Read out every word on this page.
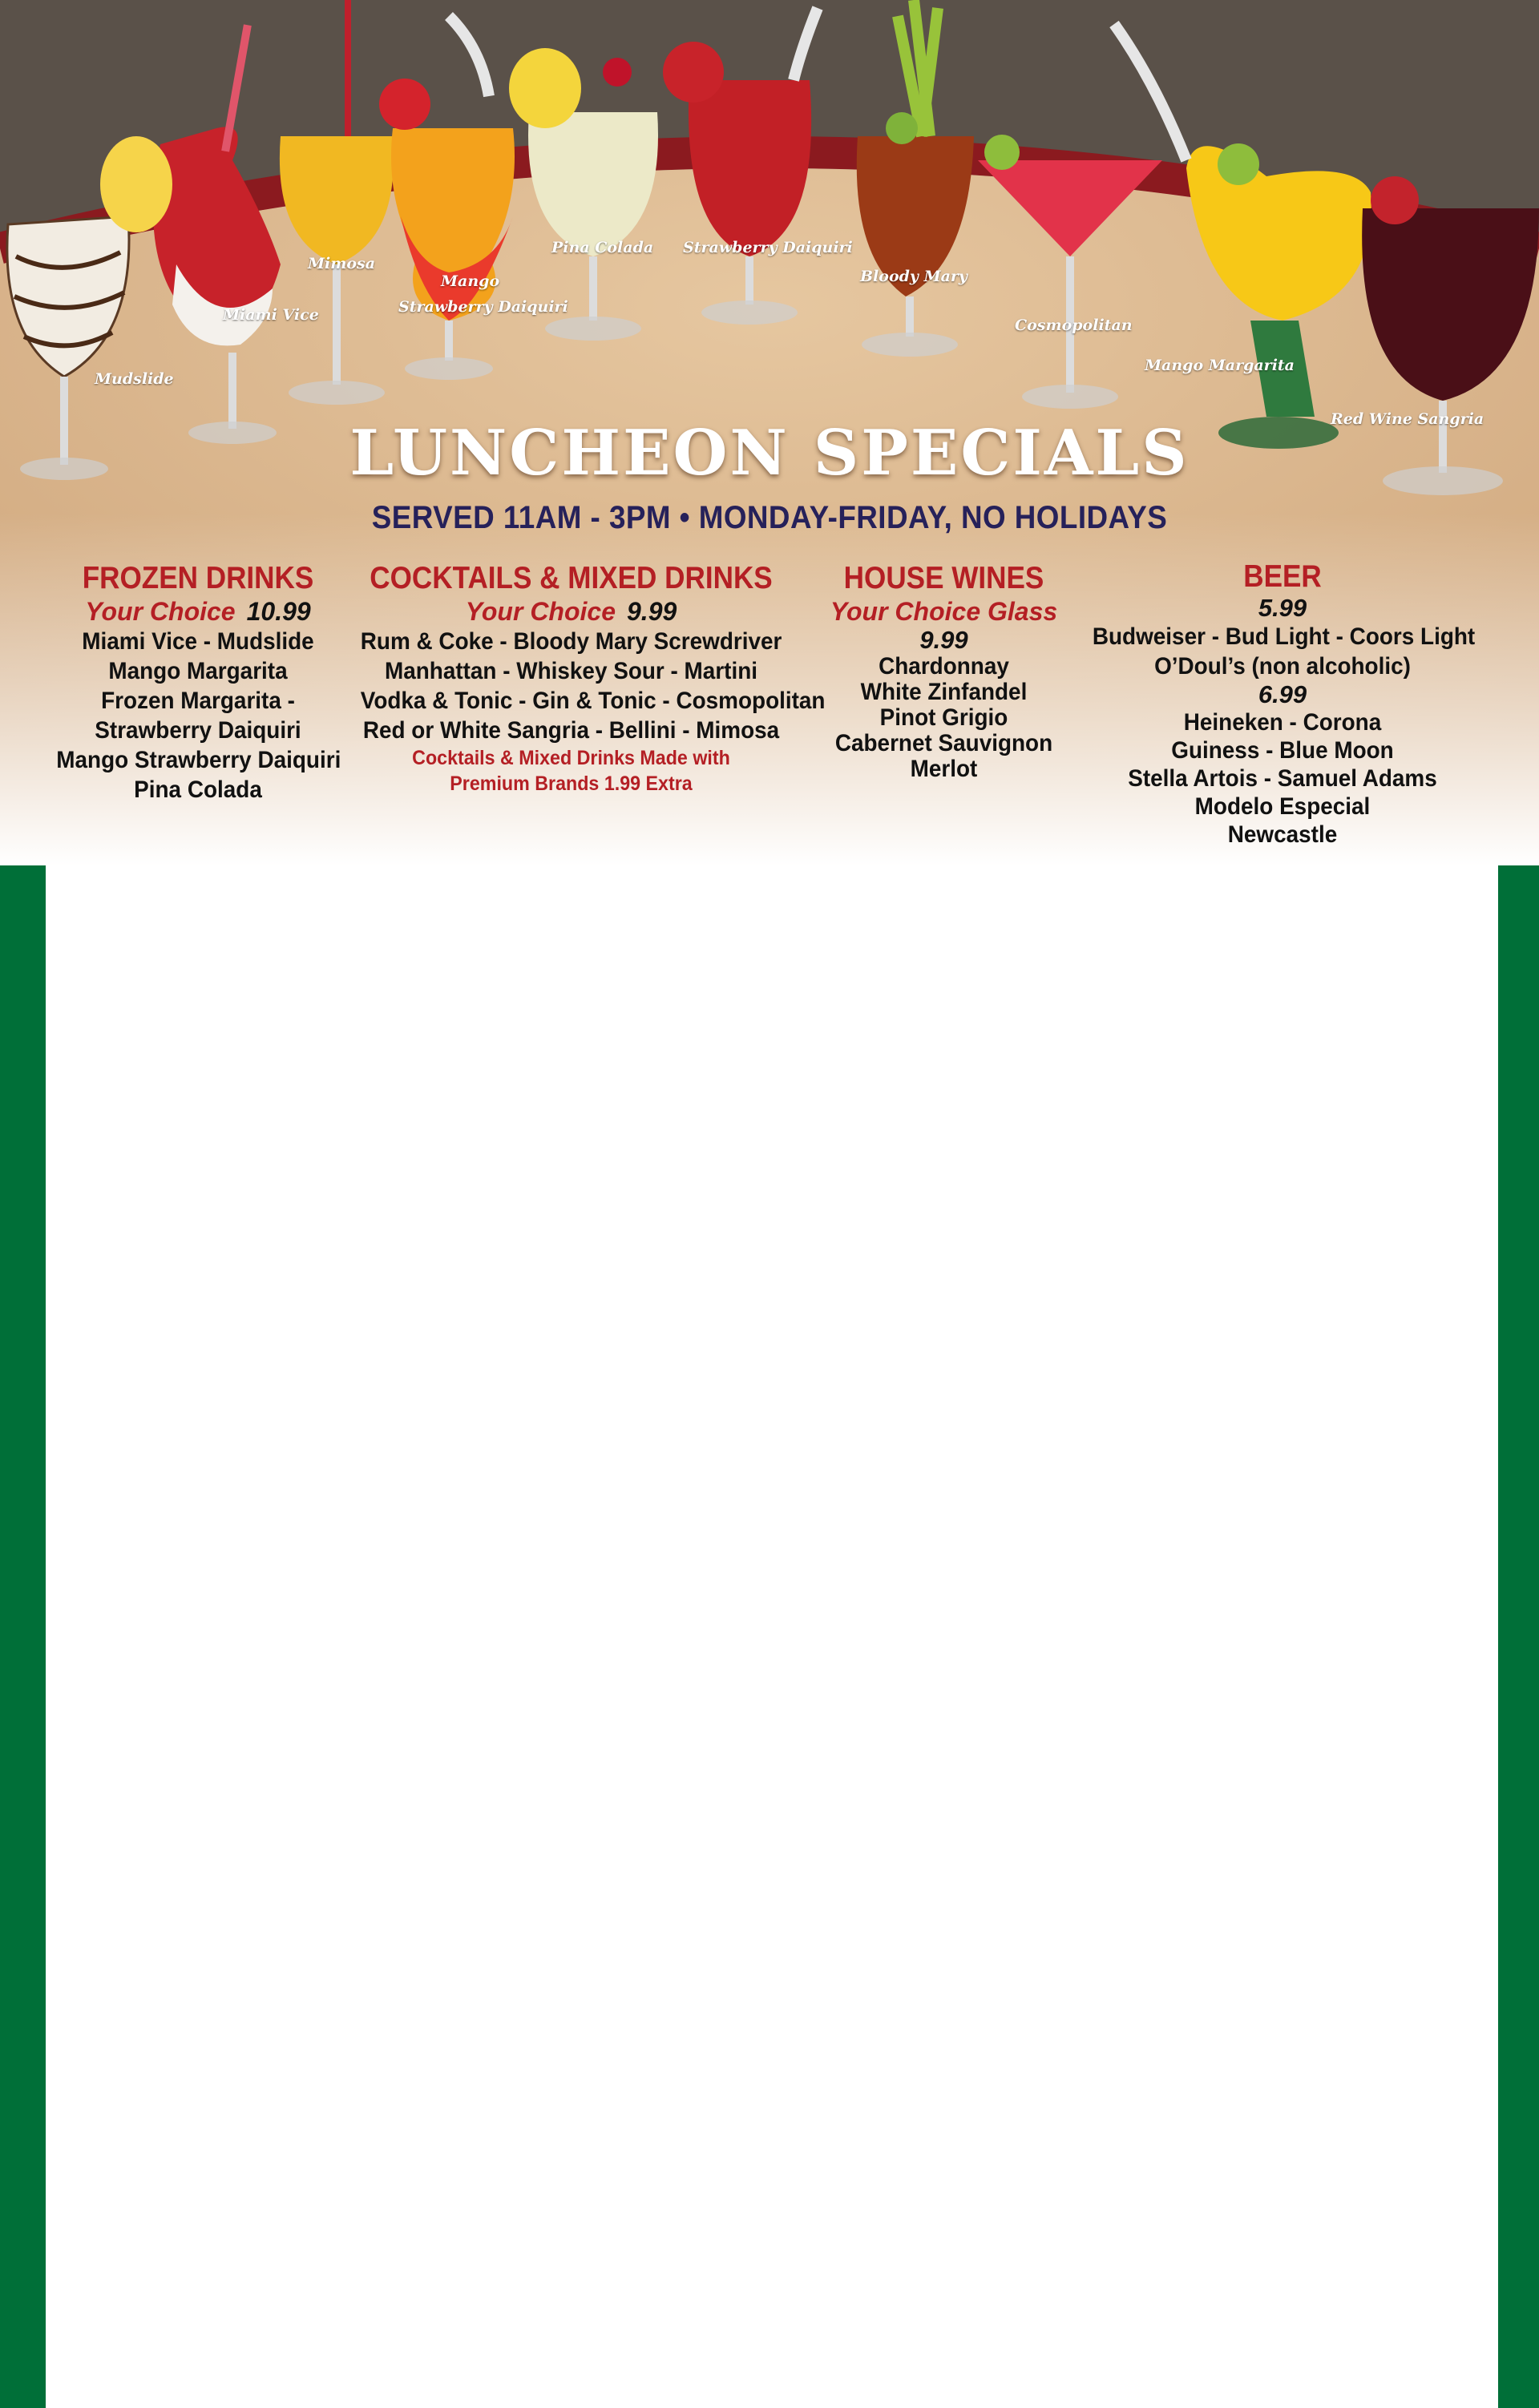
Mudslide
Miami Vice
Mimosa
Mango
Strawberry Daiquiri
Pina Colada Strawberry Daiquiri
Bloody Mary
Cosmopolitan
Mango Margarita
Red Wine Sangria
LUNCHEON SPECIALS
SERVED 11AM - 3PM • MONDAY-FRIDAY, NO HOLIDAYS
FROZEN DRINKS
Your Choice 10.99
Miami Vice - Mudslide
Mango Margarita
Frozen Margarita -
Strawberry Daiquiri
Mango Strawberry Daiquiri
Pina Colada
COCKTAILS & MIXED DRINKS
Your Choice 9.99
Rum & Coke - Bloody Mary Screwdriver
Manhattan - Whiskey Sour - Martini
Vodka & Tonic - Gin & Tonic - Cosmopolitan
Red or White Sangria - Bellini - Mimosa
Cocktails & Mixed Drinks Made with
Premium Brands 1.99 Extra
HOUSE WINES
Your Choice Glass
9.99
Chardonnay
White Zinfandel
Pinot Grigio
Cabernet Sauvignon
Merlot
BEER
5.99
Budweiser - Bud Light - Coors Light
O’Doul’s (non alcoholic)
6.99
Heineken - Corona
Guiness - Blue Moon
Stella Artois - Samuel Adams
Modelo Especial
Newcastle
